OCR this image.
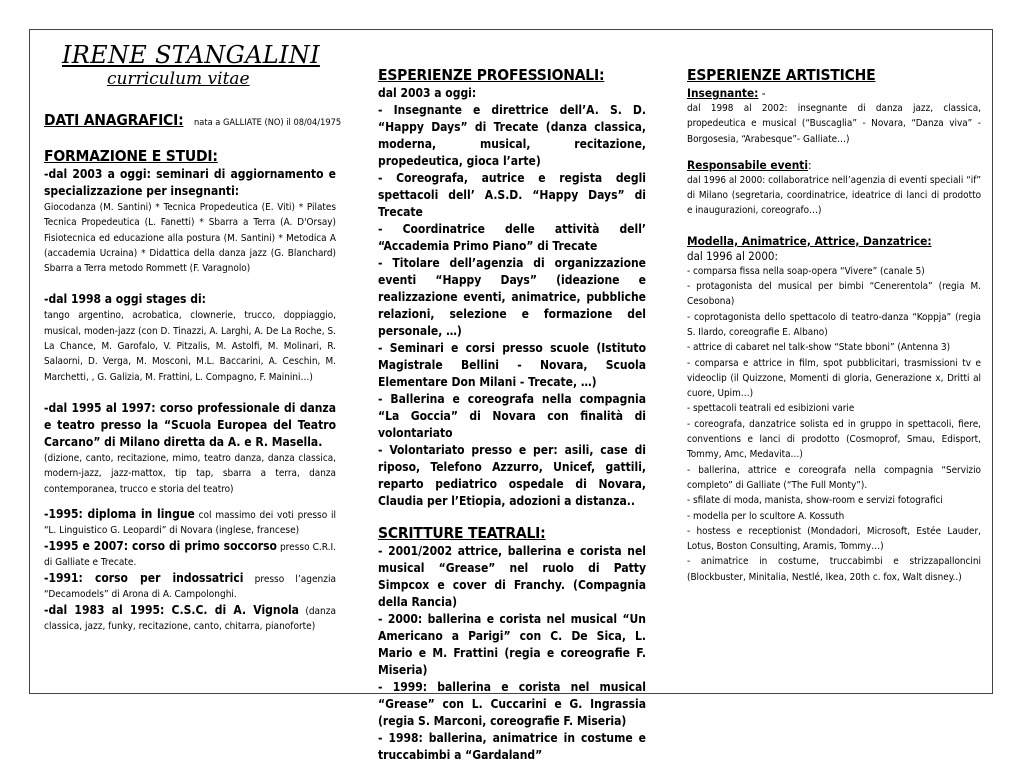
IRENE STANGALINI
curriculum vitae
DATI ANAGRAFICI: nata a GALLIATE (NO) il 08/04/1975
FORMAZIONE E STUDI:

-dal 2003 a oggi: seminari di aggiornamento e specializzazione per insegnanti:

Giocodanza (M. Santini) * Tecnica Propedeutica (E. Viti) * Pilates Tecnica Propedeutica (L. Fanetti) * Sbarra a Terra (A. D'Orsay) Fisiotecnica ed educazione alla postura (M. Santini) * Metodica A (accademia Ucraina) * Didattica della danza jazz (G. Blanchard) Sbarra a Terra metodo Rommett (F. Varagnolo)

-dal 1998 a oggi stages di:

tango argentino, acrobatica, clownerie, trucco, doppiaggio, musical, moden-jazz (con D. Tinazzi, A. Larghi, A. De La Roche, S. La Chance, M. Garofalo, V. Pitzalis, M. Astolfi, M. Molinari, R. Salaorni, D. Verga, M. Mosconi, M.L. Baccarini, A. Ceschin, M. Marchetti, , G. Galizia, M. Frattini, L. Compagno, F. Mainini…)

-dal 1995 al 1997: corso professionale di danza e teatro presso la “Scuola Europea del Teatro Carcano” di Milano diretta da A. e R. Masella.

(dizione, canto, recitazione, mimo, teatro danza, danza classica, modern-jazz, jazz-mattox, tip tap, sbarra a terra, danza contemporanea, trucco e storia del teatro)

-1995: diploma in lingue col massimo dei voti presso il “L. Linguistico G. Leopardi” di Novara (inglese, francese)

-1995 e 2007: corso di primo soccorso presso C.R.I. di Galliate e Trecate.

-1991: corso per indossatrici presso l’agenzia “Decamodels” di Arona di A. Campolonghi.

-dal 1983 al 1995: C.S.C. di A. Vignola (danza classica, jazz, funky, recitazione, canto, chitarra, pianoforte)

ESPERIENZE PROFESSIONALI:

dal 2003 a oggi:

- Insegnante e direttrice dell’A. S. D. “Happy Days” di Trecate (danza classica, moderna, musical, recitazione, propedeutica, gioca l’arte)

- Coreografa, autrice e regista degli spettacoli dell’ A.S.D. “Happy Days” di Trecate

- Coordinatrice delle attività dell’ “Accademia Primo Piano” di Trecate

- Titolare dell’agenzia di organizzazione eventi “Happy Days” (ideazione e realizzazione eventi, animatrice, pubbliche relazioni, selezione e formazione del personale, …)

- Seminari e corsi presso scuole (Istituto Magistrale Bellini - Novara, Scuola Elementare Don Milani - Trecate, …)

- Ballerina e coreografa nella compagnia “La Goccia” di Novara con finalità di volontariato

- Volontariato presso e per: asili, case di riposo, Telefono Azzurro, Unicef, gattili, reparto pediatrico ospedale di Novara, Claudia per l’Etiopia, adozioni a distanza..

SCRITTURE TEATRALI:

- 2001/2002 attrice, ballerina e corista nel musical “Grease” nel ruolo di Patty Simpcox e cover di Franchy. (Compagnia della Rancia)

- 2000: ballerina e corista nel musical “Un Americano a Parigi” con C. De Sica, L. Mario e M. Frattini (regia e coreografie F. Miseria)

- 1999: ballerina e corista nel musical “Grease” con L. Cuccarini e G. Ingrassia (regia S. Marconi, coreografie F. Miseria)

- 1998: ballerina, animatrice in costume e truccabimbi a “Gardaland”

ESPERIENZE ARTISTICHE

Insegnante: -

dal 1998 al 2002: insegnante di danza jazz, classica, propedeutica e musical (“Buscaglia” - Novara, “Danza viva” - Borgosesia, “Arabesque”- Galliate…)

Responsabile eventi:

dal 1996 al 2000: collaboratrice nell’agenzia di eventi speciali “if” di Milano (segretaria, coordinatrice, ideatrice di lanci di prodotto e inaugurazioni, coreografo…)

Modella, Animatrice, Attrice, Danzatrice:

dal 1996 al 2000:

- comparsa fissa nella soap-opera “Vivere” (canale 5)

- protagonista del musical per bimbi “Cenerentola” (regia M. Cesobona)

- coprotagonista dello spettacolo di teatro-danza “Koppja” (regia S. Ilardo, coreografie E. Albano)

- attrice di cabaret nel talk-show “State bboni” (Antenna 3)

- comparsa e attrice in film, spot pubblicitari, trasmissioni tv e videoclip (il Quizzone, Momenti di gloria, Generazione x, Dritti al cuore, Upim…)

- spettacoli teatrali ed esibizioni varie

- coreografa, danzatrice solista ed in gruppo in spettacoli, fiere, conventions e lanci di prodotto (Cosmoprof, Smau, Edisport, Tommy, Amc, Medavita…)

- ballerina, attrice e coreografa nella compagnia “Servizio completo” di Galliate (“The Full Monty”).

- sfilate di moda, manista, show-room e servizi fotografici

- modella per lo scultore A. Kossuth

- hostess e receptionist (Mondadori, Microsoft, Estée Lauder, Lotus, Boston Consulting, Aramis, Tommy…)

- animatrice in costume, truccabimbi e strizzapalloncini (Blockbuster, Minitalia, Nestlé, Ikea, 20th c. fox, Walt disney..)
